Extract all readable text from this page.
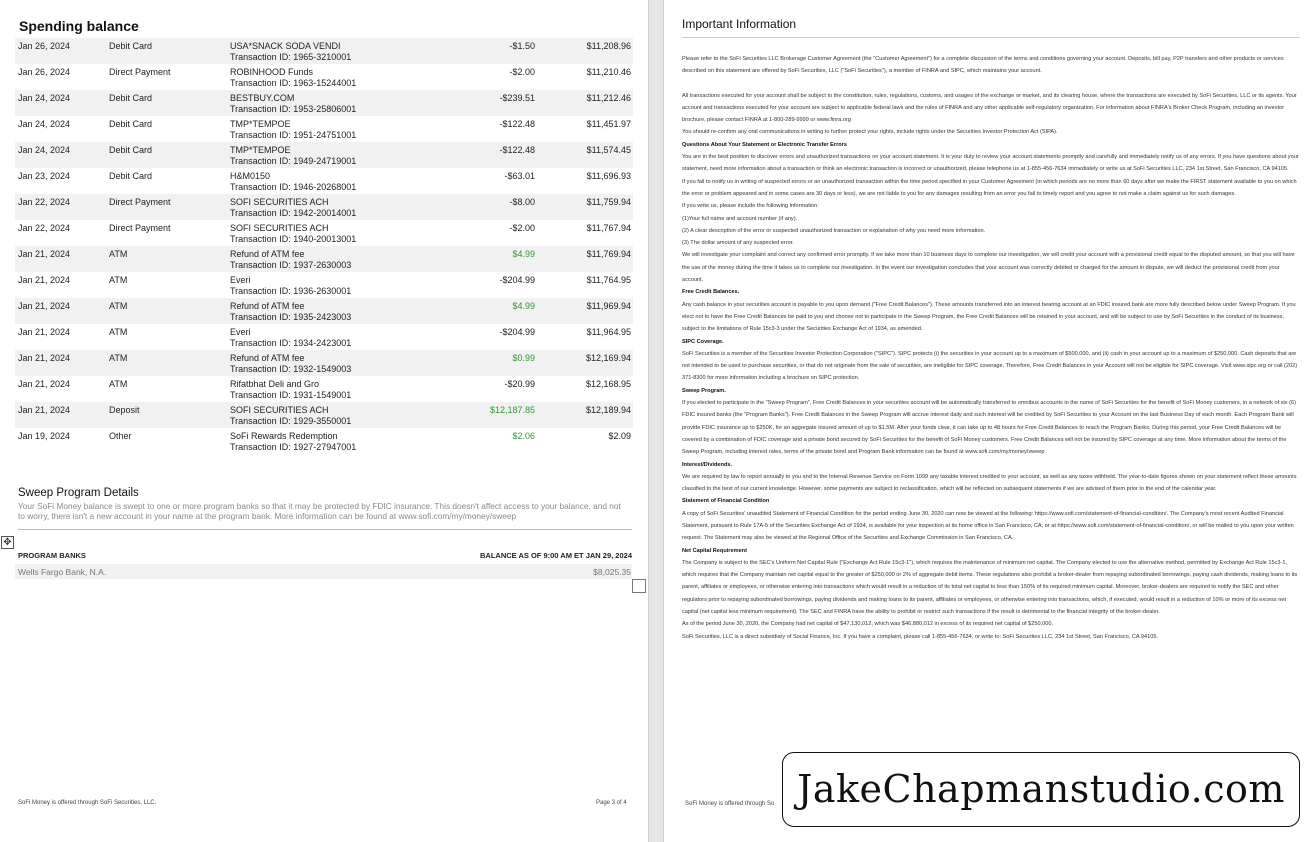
Spending balance
Jan 26, 2024	Debit Card	USA*SNACK SODA VENDI
Transaction ID: 1965-3210001
-$1.50	$11,208.96
Jan 26, 2024	Direct Payment	ROBINHOOD Funds
Transaction ID: 1963-15244001
-$2.00	$11,210.46
Jan 24, 2024	Debit Card	BESTBUY.COM
Transaction ID: 1953-25806001
-$239.51	$11,212.46
Jan 24, 2024	Debit Card	TMP*TEMPOE
Transaction ID: 1951-24751001
-$122.48	$11,451.97
Jan 24, 2024	Debit Card	TMP*TEMPOE
Transaction ID: 1949-24719001
-$122.48	$11,574.45
Jan 23, 2024	Debit Card	H&M0150
Transaction ID: 1946-20268001
-$63.01	$11,696.93
Jan 22, 2024	Direct Payment	SOFI SECURITIES ACH
Transaction ID: 1942-20014001
-$8.00	$11,759.94
Jan 22, 2024	Direct Payment	SOFI SECURITIES ACH
Transaction ID: 1940-20013001
-$2.00	$11,767.94
Jan 21, 2024	ATM	Refund of ATM fee
Transaction ID: 1937-2630003
$4.99	$11,769.94
Jan 21, 2024	ATM	Everi
Transaction ID: 1936-2630001
-$204.99	$11,764.95
Jan 21, 2024	ATM	Refund of ATM fee
Transaction ID: 1935-2423003
$4.99	$11,969.94
Jan 21, 2024	ATM	Everi
Transaction ID: 1934-2423001
-$204.99	$11,964.95
Jan 21, 2024	ATM	Refund of ATM fee
Transaction ID: 1932-1549003
$0.99	$12,169.94
Jan 21, 2024	ATM	Rifatbhat Deli and Gro
Transaction ID: 1931-1549001
-$20.99	$12,168.95
Jan 21, 2024	Deposit	SOFI SECURITIES ACH
Transaction ID: 1929-3550001
$12,187.85	$12,189.94
Jan 19, 2024	Other	SoFi Rewards Redemption
Transaction ID: 1927-27947001
$2.06	$2.09
Sweep Program Details
Your SoFi Money balance is swept to one or more program banks so that it may be protected by FDIC insurance. This doesn't affect access to your balance, and not to worry, there isn't a new account in your name at the program bank. More information can be found at www.sofi.com/my/money/sweep
✥
PROGRAM BANKS	BALANCE AS OF 9:00 AM ET JAN 29, 2024
Wells Fargo Bank, N.A.	$8,025.35
SoFi Money is offered through SoFi Securities, LLC.	Page 3 of 4
Important Information

Please refer to the SoFi Securities LLC Brokerage Customer Agreement (the "Customer Agreement") for a complete discussion of the terms and conditions governing your account. Deposits, bill pay, P2P transfers and other products or services described on this statement are offered by SoFi Securities, LLC ("SoFi Securities"), a member of FINRA and SIPC, which maintains your account.

All transactions executed for your account shall be subject to the constitution, rules, regulations, customs, and usages of the exchange or market, and its clearing house, where the transactions are executed by SoFi Securities, LLC or its agents. Your account and transactions executed for your account are subject to applicable federal laws and the rules of FINRA and any other applicable self-regulatory organization. For information about FINRA's Broker Check Program, including an investor brochure, please contact FINRA at 1-800-289-9999 or www.finra.org

You should re-confirm any oral communications in writing to further protect your rights, include rights under the Securities Investor Protection Act (SIPA).

Questions About Your Statement or Electronic Transfer Errors

You are in the best position to discover errors and unauthorized transactions on your account statement. It is your duty to review your account statements promptly and carefully and immediately notify us of any errors. If you have questions about your statement, need more information about a transaction or think an electronic transaction is incorrect or unauthorized, please telephone us at 1-855-456-7634 immediately or write us at SoFi Securities LLC, 234 1st Street, San Francisco, CA 94105.

If you fail to notify us in writing of suspected errors or an unauthorized transaction within the time period specified in your Customer Agreement (in which periods are no more than 60 days after we make the FIRST statement available to you on which the error or problem appeared and in some cases are 30 days or less), we are not liable to you for any damages resulting from an error you fail to timely report and you agree to not make a claim against us for such damages.

If you write us, please include the following information:

(1)Your full name and account number (if any).

(2) A clear description of the error or suspected unauthorized transaction or explanation of why you need more information.

(3) The dollar amount of any suspected error.

We will investigate your complaint and correct any confirmed error promptly. If we take more than 10 business days to complete our investigation, we will credit your account with a provisional credit equal to the disputed amount, so that you will have the use of the money during the time it takes us to complete our investigation. In the event our investigation concludes that your account was correctly debited or charged for the amount in dispute, we will deduct the provisional credit from your account.

Free Credit Balances.

Any cash balance in your securities account is payable to you upon demand ("Free Credit Balances"). These amounts transferred into an interest bearing account at an FDIC insured bank are more fully described below under Sweep Program. If you elect not to have the Free Credit Balances be paid to you and choose not to participate in the Sweep Program, the Free Credit Balances will be retained in your account, and will be subject to use by SoFi Securities in the conduct of its business, subject to the limitations of Rule 15c3-3 under the Securities Exchange Act of 1934, as amended.

SIPC Coverage.

SoFi Securities is a member of the Securities Investor Protection Corporation ("SIPC"). SIPC protects (i) the securities in your account up to a maximum of $500,000, and (ii) cash in your account up to a maximum of $250,000. Cash deposits that are not intended to be used to purchase securities, or that do not originate from the sale of securities, are ineligible for SIPC coverage. Therefore, Free Credit Balances in your Account will not be eligible for SIPC coverage. Visit www.sipc.org or call (202) 371-8300 for more information including a brochure on SIPC protection.

Sweep Program.

If you elected to participate in the "Sweep Program", Free Credit Balances in your securities account will be automatically transferred to omnibus accounts in the name of SoFi Securities for the benefit of SoFi Money customers, in a network of six (6) FDIC insured banks (the "Program Banks"). Free Credit Balances in the Sweep Program will accrue interest daily and such interest will be credited by SoFi Securities to your Account on the last Business Day of each month. Each Program Bank will provide FDIC insurance up to $250K, for an aggregate insured amount of up to $1.5M. After your funds clear, it can take up to 48 hours for Free Credit Balances to reach the Program Banks. During this period, your Free Credit Balances will be covered by a combination of FDIC coverage and a private bond secured by SoFi Securities for the benefit of SoFi Money customers. Free Credit Balances will not be insured by SIPC coverage at any time. More information about the terms of the Sweep Program, including interest rates, terms of the private bond and Program Bank information can be found at www.sofi.com/my/money/sweep

Interest/Dividends.

We are required by law to report annually to you and to the Internal Revenue Service on Form 1099 any taxable interest credited to your account, as well as any taxes withheld. The year-to-date figures shown on your statement reflect these amounts classified to the best of our current knowledge. However, some payments are subject to reclassification, which will be reflected on subsequent statements if we are advised of them prior to the end of the calendar year.

Statement of Financial Condition

A copy of SoFi Securities' unaudited Statement of Financial Condition for the period ending June 30, 2020 can now be viewed at the following: https://www.sofi.com/statement-of-financial-condition/. The Company's most recent Audited Financial Statement, pursuant to Rule 17A-5 of the Securities Exchange Act of 1934, is available for your inspection at its home office in San Francisco, CA, or at https://www.sofi.com/statement-of-financial-condition/, or will be mailed to you upon your written request. The Statement may also be viewed at the Regional Office of the Securities and Exchange Commission in San Francisco, CA.

Net Capital Requirement

The Company is subject to the SEC's Uniform Net Capital Rule ("Exchange Act Rule 15c3-1"), which requires the maintenance of minimum net capital. The Company elected to use the alternative method, permitted by Exchange Act Rule 15c3-1, which requires that the Company maintain net capital equal to the greater of $250,000 or 2% of aggregate debit items. These regulations also prohibit a broker-dealer from repaying subordinated borrowings, paying cash dividends, making loans to its parent, affiliates or employees, or otherwise entering into transactions which would result in a reduction of its total net capital to less than 150% of its required minimum capital. Moreover, broker-dealers are required to notify the SEC and other regulators prior to repaying subordinated borrowings, paying dividends and making loans to its parent, affiliates or employees, or otherwise entering into transactions, which, if executed, would result in a reduction of 10% or more of its excess net capital (net capital less minimum requirement). The SEC and FINRA have the ability to prohibit or restrict such transactions if the result is detrimental to the financial integrity of the broker-dealer.

As of the period June 30, 2020, the Company had net capital of $47,130,012, which was $46,880,012 in excess of its required net capital of $250,000.

SoFi Securities, LLC is a direct subsidiary of Social Finance, Inc. If you have a complaint, please call 1-855-456-7634, or write to: SoFi Securities LLC, 234 1st Street, San Francisco, CA 94105.

SoFi Money is offered through So JakeChapmanstudio.com
